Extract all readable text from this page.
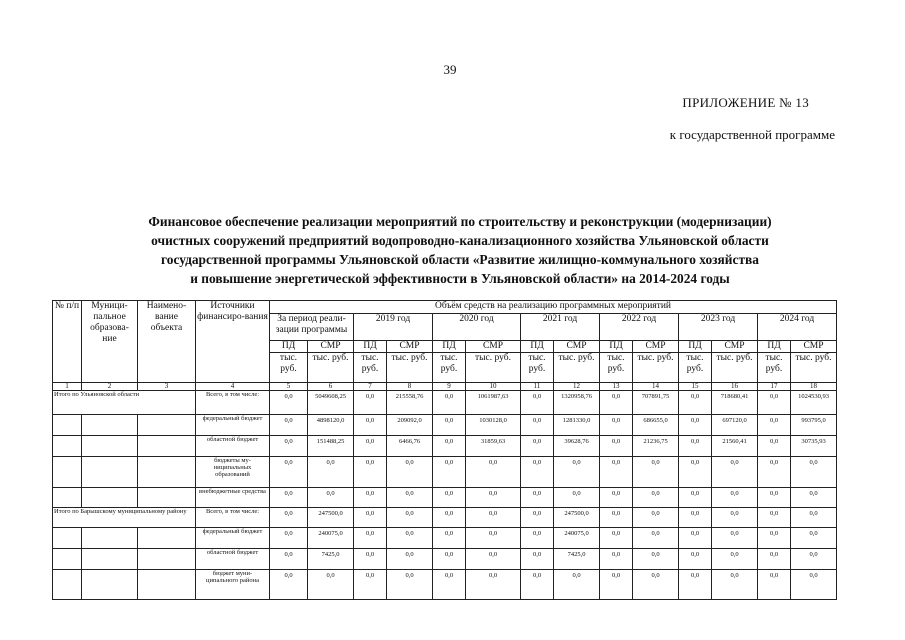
39
ПРИЛОЖЕНИЕ № 13
к государственной программе
Финансовое обеспечение реализации мероприятий по строительству и реконструкции (модернизации)
очистных сооружений предприятий водопроводно-канализационного хозяйства Ульяновской области
государственной программы Ульяновской области «Развитие жилищно-коммунального хозяйства
и повышение энергетической эффективности в Ульяновской области» на 2014-2024 годы
№ п/п	Муници-пальное образова-ние	Наимено-вание объекта	Источники финансиро-вания	Объём средств на реализацию программных мероприятий													
				За период реали-зации программы		2019 год		2020 год		2021 год		2022 год		2023 год		2024 год	
				ПД	СМР	ПД	СМР	ПД	СМР	ПД	СМР	ПД	СМР	ПД	СМР	ПД	СМР
				тыс. руб.	тыс. руб.	тыс. руб.	тыс. руб.	тыс. руб.	тыс. руб.	тыс. руб.	тыс. руб.	тыс. руб.	тыс. руб.	тыс. руб.	тыс. руб.	тыс. руб.	тыс. руб.
1	2	3	4	5	6	7	8	9	10	11	12	13	14	15	16	17	18
Итого по Ульяновской области			Всего, в том числе:	0,0	5049608,25	0,0	215558,76	0,0	1061987,63	0,0	1320958,76	0,0	707891,75	0,0	718680,41	0,0	1024530,93
			федеральный бюджет	0,0	4898120,0	0,0	209092,0	0,0	1030128,0	0,0	1281330,0	0,0	686655,0	0,0	697120,0	0,0	993795,0
			областной бюджет	0,0	151488,25	0,0	6466,76	0,0	31859,63	0,0	39628,76	0,0	21236,75	0,0	21560,41	0,0	30735,93
			бюджеты му-ниципальных образований	0,0	0,0	0,0	0,0	0,0	0,0	0,0	0,0	0,0	0,0	0,0	0,0	0,0	0,0
			внебюджетные средства	0,0	0,0	0,0	0,0	0,0	0,0	0,0	0,0	0,0	0,0	0,0	0,0	0,0	0,0
Итого по Барышскому муниципальному району			Всего, в том числе:	0,0	247500,0	0,0	0,0	0,0	0,0	0,0	247500,0	0,0	0,0	0,0	0,0	0,0	0,0
			федеральный бюджет	0,0	240075,0	0,0	0,0	0,0	0,0	0,0	240075,0	0,0	0,0	0,0	0,0	0,0	0,0
			областной бюджет	0,0	7425,0	0,0	0,0	0,0	0,0	0,0	7425,0	0,0	0,0	0,0	0,0	0,0	0,0
			бюджет муни-ципального района	0,0	0,0	0,0	0,0	0,0	0,0	0,0	0,0	0,0	0,0	0,0	0,0	0,0	0,0
